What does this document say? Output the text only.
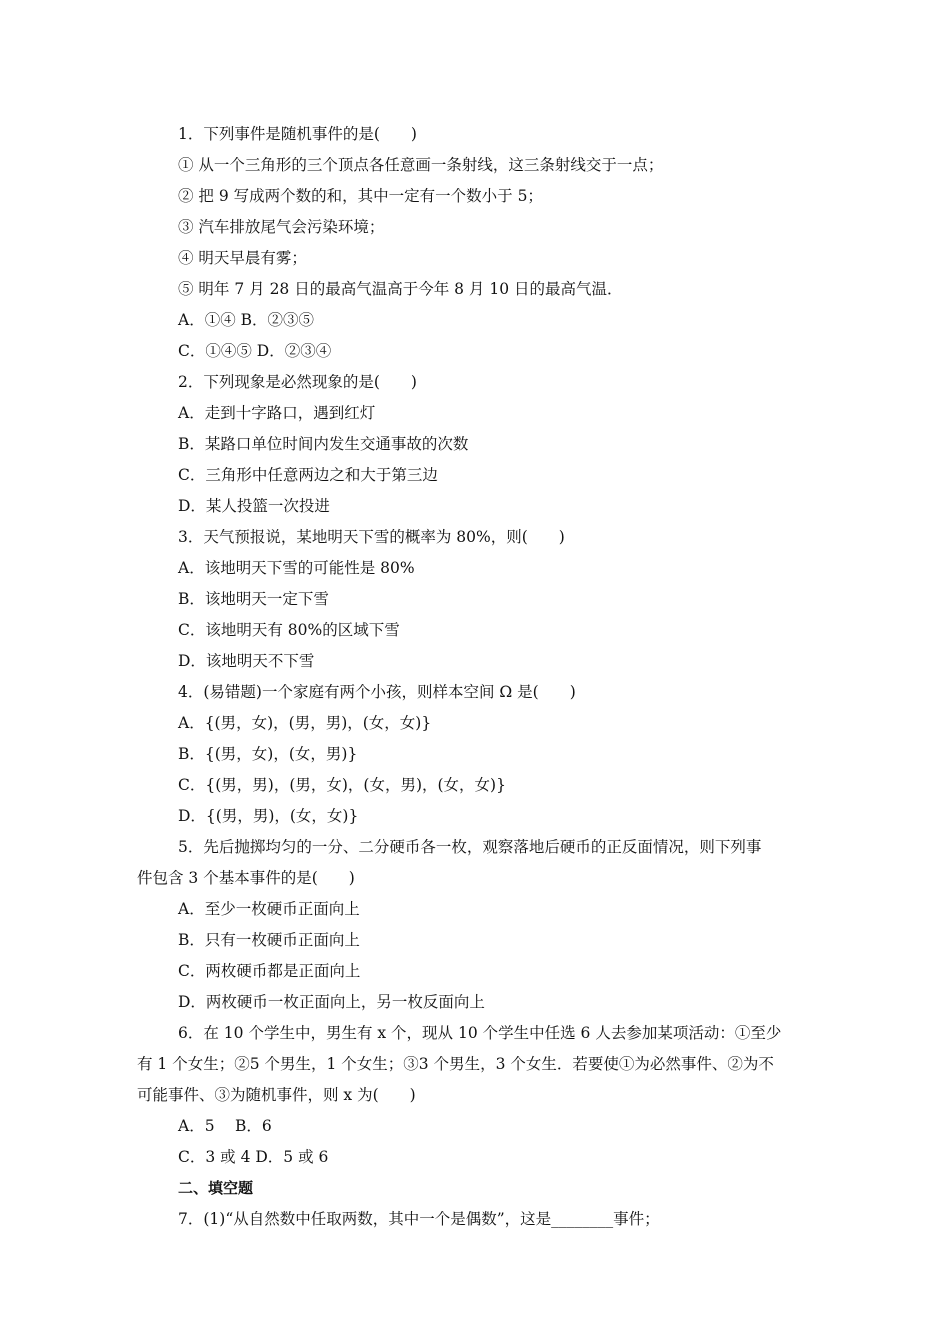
1．下列事件是随机事件的是(　　)
① 从一个三角形的三个顶点各任意画一条射线，这三条射线交于一点；
② 把 9 写成两个数的和，其中一定有一个数小于 5；
③ 汽车排放尾气会污染环境；
④ 明天早晨有雾；
⑤ 明年 7 月 28 日的最高气温高于今年 8 月 10 日的最高气温．
A．①④ B．②③⑤
C．①④⑤ D．②③④
2．下列现象是必然现象的是(　　)
A．走到十字路口，遇到红灯
B．某路口单位时间内发生交通事故的次数
C．三角形中任意两边之和大于第三边
D．某人投篮一次投进
3．天气预报说，某地明天下雪的概率为 80%，则(　　)
A．该地明天下雪的可能性是 80%
B．该地明天一定下雪
C．该地明天有 80%的区域下雪
D．该地明天不下雪
4．(易错题)一个家庭有两个小孩，则样本空间 Ω 是(　　)
A．{(男，女)，(男，男)，(女，女)}
B．{(男，女)，(女，男)}
C．{(男，男)，(男，女)，(女，男)，(女，女)}
D．{(男，男)，(女，女)}
5．先后抛掷均匀的一分、二分硬币各一枚，观察落地后硬币的正反面情况，则下列事
件包含 3 个基本事件的是(　　)
A．至少一枚硬币正面向上
B．只有一枚硬币正面向上
C．两枚硬币都是正面向上
D．两枚硬币一枚正面向上，另一枚反面向上
6．在 10 个学生中，男生有 x 个，现从 10 个学生中任选 6 人去参加某项活动：①至少
有 1 个女生；②5 个男生，1 个女生；③3 个男生，3 个女生．若要使①为必然事件、②为不
可能事件、③为随机事件，则 x 为(　　)
A．5　 B．6
C．3 或 4 D．5 或 6
二、填空题
7．(1)“从自然数中任取两数，其中一个是偶数”，这是________事件；
